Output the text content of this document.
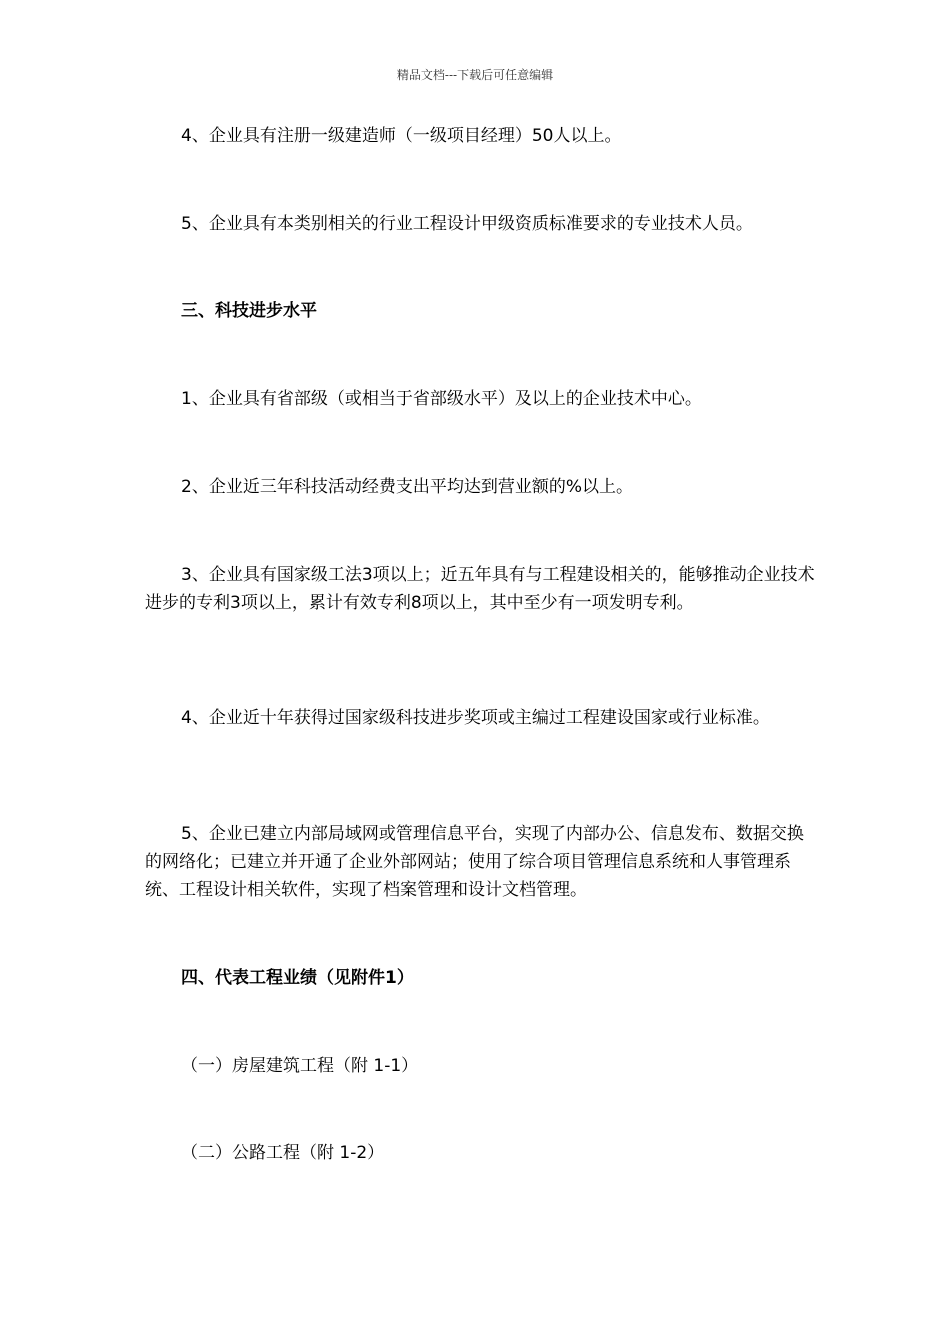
精品文档---下载后可任意编辑

4、企业具有注册一级建造师（一级项目经理）50人以上。

5、企业具有本类别相关的行业工程设计甲级资质标准要求的专业技术人员。

三、科技进步水平

1、企业具有省部级（或相当于省部级水平）及以上的企业技术中心。

2、企业近三年科技活动经费支出平均达到营业额的%以上。

3、企业具有国家级工法3项以上；近五年具有与工程建设相关的，能够推动企业技术进步的专利3项以上，累计有效专利8项以上，其中至少有一项发明专利。

4、企业近十年获得过国家级科技进步奖项或主编过工程建设国家或行业标准。

5、企业已建立内部局域网或管理信息平台，实现了内部办公、信息发布、数据交换的网络化；已建立并开通了企业外部网站；使用了综合项目管理信息系统和人事管理系统、工程设计相关软件，实现了档案管理和设计文档管理。

四、代表工程业绩（见附件1）

（一）房屋建筑工程（附 1-1）

（二）公路工程（附 1-2）
